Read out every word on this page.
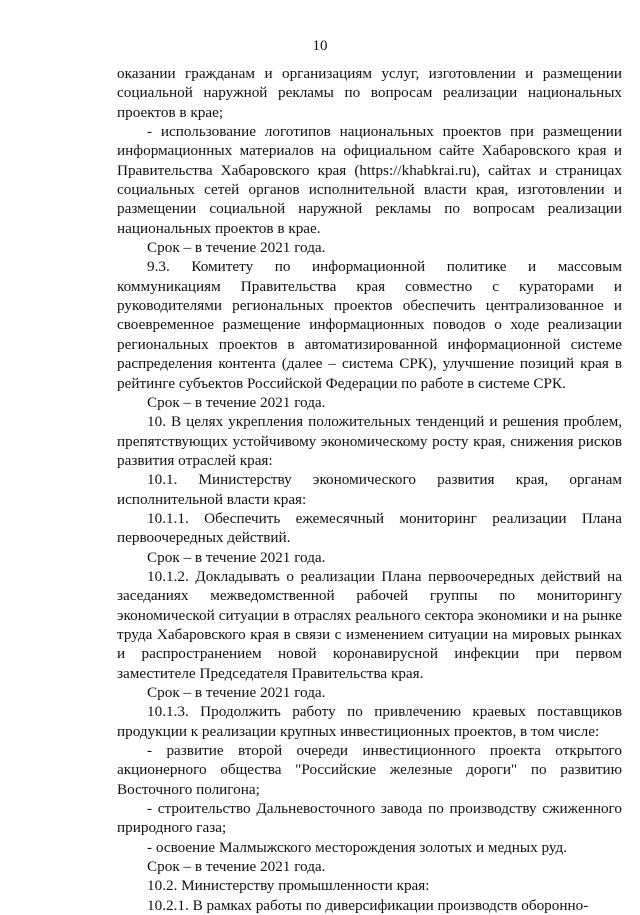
10

оказании гражданам и организациям услуг, изготовлении и размещении социальной наружной рекламы по вопросам реализации национальных проектов в крае;

- использование логотипов национальных проектов при размещении информационных материалов на официальном сайте Хабаровского края и Правительства Хабаровского края (https://khabkrai.ru), сайтах и страницах социальных сетей органов исполнительной власти края, изготовлении и размещении социальной наружной рекламы по вопросам реализации национальных проектов в крае.

Срок – в течение 2021 года.

9.3. Комитету по информационной политике и массовым коммуникациям Правительства края совместно с кураторами и руководителями региональных проектов обеспечить централизованное и своевременное размещение информационных поводов о ходе реализации региональных проектов в автоматизированной информационной системе распределения контента (далее – система СРК), улучшение позиций края в рейтинге субъектов Российской Федерации по работе в системе СРК.

Срок – в течение 2021 года.

10. В целях укрепления положительных тенденций и решения проблем, препятствующих устойчивому экономическому росту края, снижения рисков развития отраслей края:

10.1. Министерству экономического развития края, органам исполнительной власти края:

10.1.1. Обеспечить ежемесячный мониторинг реализации Плана первоочередных действий.

Срок – в течение 2021 года.

10.1.2. Докладывать о реализации Плана первоочередных действий на заседаниях межведомственной рабочей группы по мониторингу экономической ситуации в отраслях реального сектора экономики и на рынке труда Хабаровского края в связи с изменением ситуации на мировых рынках и распространением новой коронавирусной инфекции при первом заместителе Председателя Правительства края.

Срок – в течение 2021 года.

10.1.3. Продолжить работу по привлечению краевых поставщиков продукции к реализации крупных инвестиционных проектов, в том числе:

- развитие второй очереди инвестиционного проекта открытого акционерного общества "Российские железные дороги" по развитию Восточного полигона;

- строительство Дальневосточного завода по производству сжиженного природного газа;

- освоение Малмыжского месторождения золотых и медных руд.

Срок – в течение 2021 года.

10.2. Министерству промышленности края:

10.2.1. В рамках работы по диверсификации производств оборонно-
